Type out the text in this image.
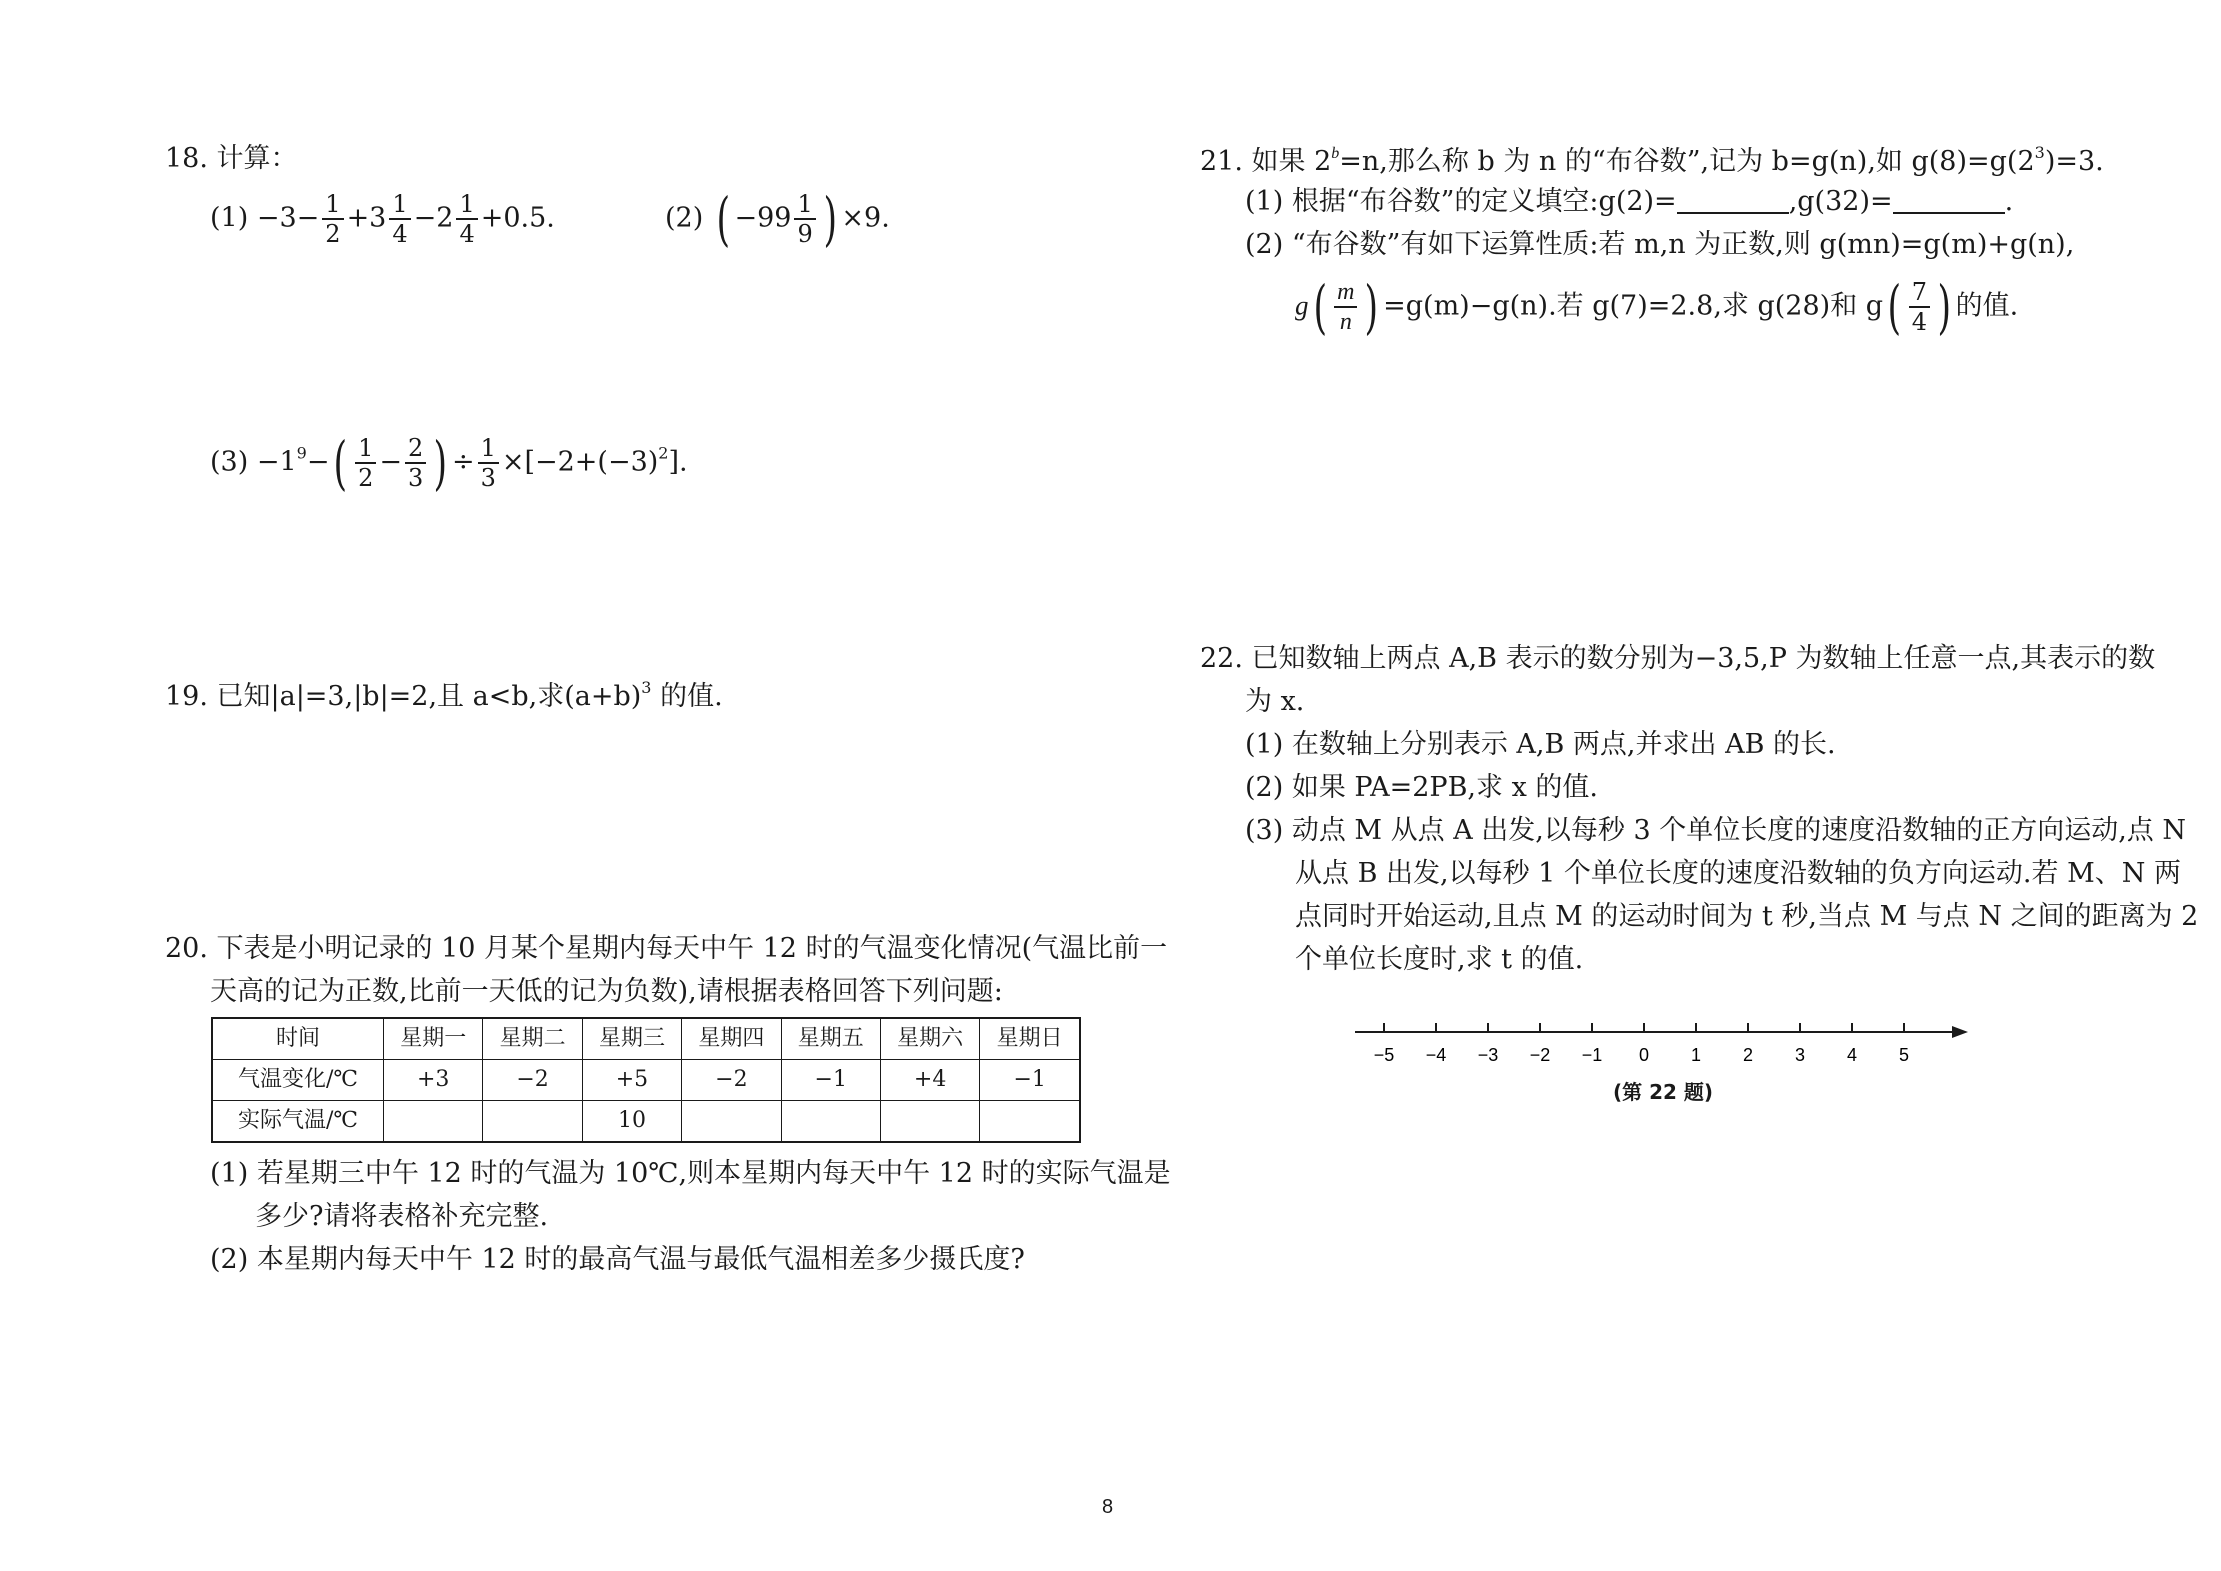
18. 计算：
$(1) -3- \frac{1}{2} +3 \frac{1}{4} -2 \frac{1}{4} +0.5$.	(2) ( $-99 \frac{1}{9}$ ) ×9.
$(3) -1^9-( \frac{1}{2} - \frac{2}{3}$ ) ÷ $\frac{1}{3} \times[-2+(-3)^2]$.
19. 已知|a|=3,|b|=2,且 a<b,求$(a+b)^3$ 的值.
20. 下表是小明记录的 10 月某个星期内每天中午 12 时的气温变化情况(气温比前一
天高的记为正数,比前一天低的记为负数),请根据表格回答下列问题:
时间	星期一	星期二	星期三	星期四	星期五	星期六	星期日
气温变化/℃	+3	−2	+5	−2	−1	+4	−1
实际气温/℃			10				
(1) 若星期三中午 12 时的气温为 10℃,则本星期内每天中午 12 时的实际气温是
多少?请将表格补充完整.
(2) 本星期内每天中午 12 时的最高气温与最低气温相差多少摄氏度?
21. 如果 $2^b=n$,那么称 b 为 n 的“布谷数”,记为 b=g(n),如 $g(8)=g(2^3)=3$.
(1) 根据“布谷数”的定义填空:g(2)=	,g(32)=	.
(2) “布谷数”有如下运算性质:若 m,n 为正数,则 g(mn)=g(m)+g(n),
$g( \frac{m}{n}$ ) =g(m)−g(n).若 g(7)=2.8,求 g(28)和 $g( \frac{7}{4}$ ) 的值.
22. 已知数轴上两点 A,B 表示的数分别为−3,5,P 为数轴上任意一点,其表示的数
为 x.
(1) 在数轴上分别表示 A,B 两点,并求出 AB 的长.
(2) 如果 PA=2PB,求 x 的值.
(3) 动点 M 从点 A 出发,以每秒 3 个单位长度的速度沿数轴的正方向运动,点 N
从点 B 出发,以每秒 1 个单位长度的速度沿数轴的负方向运动.若 M、N 两
点同时开始运动,且点 M 的运动时间为 t 秒,当点 M 与点 N 之间的距离为 2
个单位长度时,求 t 的值.
−5 −4 −3 −2 −1 0 1 2 3 4 5
(第 22 题)
8
